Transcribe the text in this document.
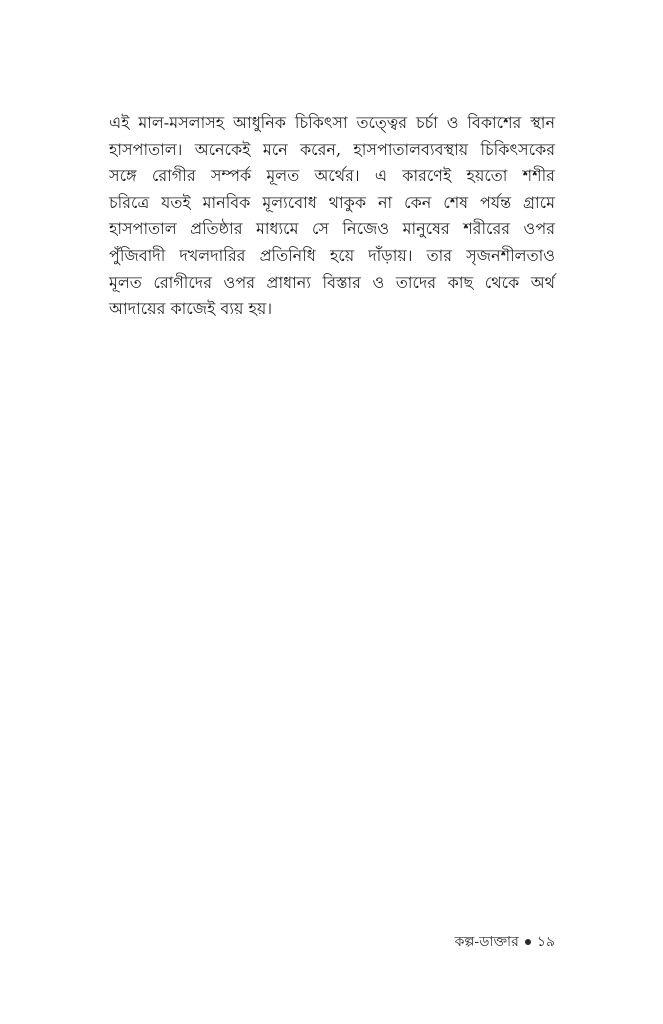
এই মাল-মসলাসহ আধুনিক চিকিৎসা তত্ত্বের চর্চা ও বিকাশের স্থান
হাসপাতাল। অনেকেই মনে করেন, হাসপাতালব্যবস্থায় চিকিৎসকের
সঙ্গে রোগীর সম্পর্ক মূলত অর্থের। এ কারণেই হয়তো শশীর
চরিত্রে যতই মানবিক মূল্যবোধ থাকুক না কেন শেষ পর্যন্ত গ্রামে
হাসপাতাল প্রতিষ্ঠার মাধ্যমে সে নিজেও মানুষের শরীরের ওপর
পুঁজিবাদী দখলদারির প্রতিনিধি হয়ে দাঁড়ায়। তার সৃজনশীলতাও
মূলত রোগীদের ওপর প্রাধান্য বিস্তার ও তাদের কাছ থেকে অর্থ
আদায়ের কাজেই ব্যয় হয়।

কল্প-ডাক্তার ১৯
